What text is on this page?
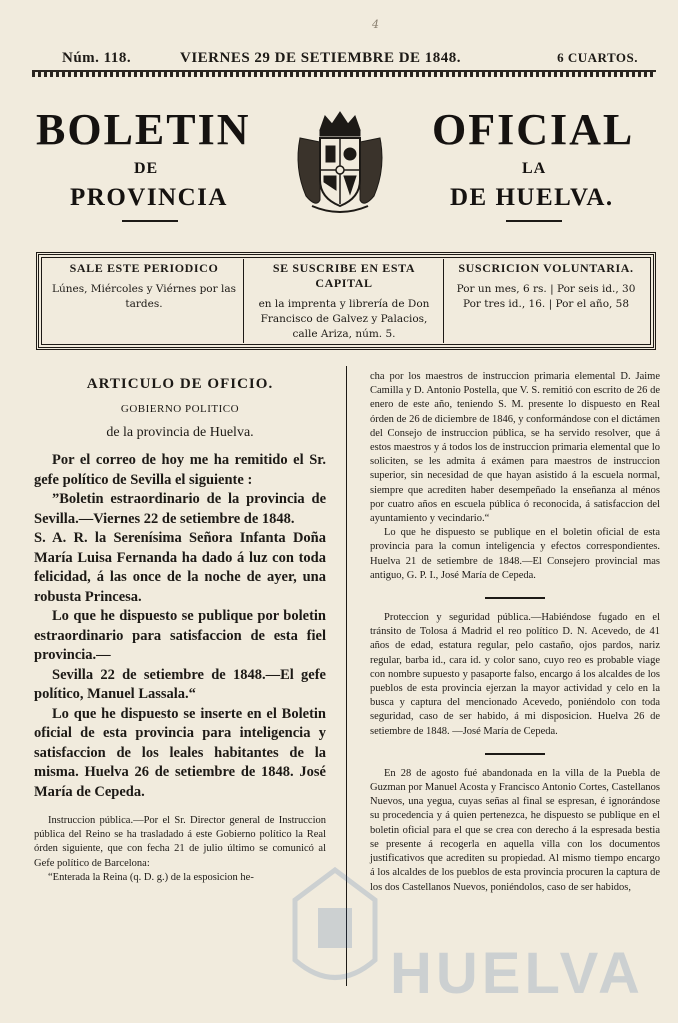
4
Núm. 118.	VIERNES 29 DE SETIEMBRE DE 1848.	6 CUARTOS.
BOLETIN
DE
PROVINCIA
OFICIAL
LA
DE HUELVA.
SALE ESTE PERIODICO
Lúnes, Miércoles y Viérnes por las tardes.
SE SUSCRIBE EN ESTA CAPITAL
en la imprenta y librería de Don Francisco de Galvez y Palacios, calle Ariza, núm. 5.
SUSCRICION VOLUNTARIA.
Por un mes, 6 rs. | Por seis id., 30
Por tres id., 16. | Por el año, 58
ARTICULO DE OFICIO.
GOBIERNO POLITICO
de la provincia de Huelva.

Por el correo de hoy me ha remitido el Sr. gefe político de Sevilla el siguiente :

”Boletin estraordinario de la provincia de Sevilla.—Viernes 22 de setiembre de 1848.

S. A. R. la Serenísima Señora Infanta Doña María Luisa Fernanda ha dado á luz con toda felicidad, á las once de la noche de ayer, una robusta Princesa.

Lo que he dispuesto se publique por boletin estraordinario para satisfaccion de esta fiel provincia.—

Sevilla 22 de setiembre de 1848.—El gefe político, Manuel Lassala.“

Lo que he dispuesto se inserte en el Boletin oficial de esta provincia para inteligencia y satisfaccion de los leales habitantes de la misma. Huelva 26 de setiembre de 1848. José María de Cepeda.

Instruccion pública.—Por el Sr. Director general de Instruccion pública del Reino se ha trasladado á este Gobierno político la Real órden siguiente, que con fecha 21 de julio último se comunicó al Gefe político de Barcelona:

“Enterada la Reina (q. D. g.) de la esposicion he-

cha por los maestros de instruccion primaria elemental D. Jaime Camilla y D. Antonio Postella, que V. S. remitió con escrito de 26 de enero de este año, teniendo S. M. presente lo dispuesto en Real órden de 26 de diciembre de 1846, y conformándose con el dictámen del Consejo de instruccion pública, se ha servido resolver, que á estos maestros y á todos los de instruccion primaria elemental que lo soliciten, se les admita á exámen para maestros de instruccion superior, sin necesidad de que hayan asistido á la escuela normal, siempre que acrediten haber desempeñado la enseñanza al ménos por cuatro años en escuela pública ó reconocida, á satisfaccion del ayuntamiento y vecindario.“

Lo que he dispuesto se publique en el boletin oficial de esta provincia para la comun inteligencia y efectos correspondientes. Huelva 21 de setiembre de 1848.—El Consejero provincial mas antiguo, G. P. I., José María de Cepeda.

Proteccion y seguridad pública.—Habiéndose fugado en el tránsito de Tolosa á Madrid el reo político D. N. Acevedo, de 41 años de edad, estatura regular, pelo castaño, ojos pardos, nariz regular, barba id., cara id. y color sano, cuyo reo es probable viage con nombre supuesto y pasaporte falso, encargo á los alcaldes de los pueblos de esta provincia ejerzan la mayor actividad y celo en la busca y captura del mencionado Acevedo, poniéndolo con toda seguridad, caso de ser habido, á mi disposicion. Huelva 26 de setiembre de 1848. —José María de Cepeda.

En 28 de agosto fué abandonada en la villa de la Puebla de Guzman por Manuel Acosta y Francisco Antonio Cortes, Castellanos Nuevos, una yegua, cuyas señas al final se espresan, é ignorándose su procedencia y á quien pertenezca, he dispuesto se publique en el boletin oficial para el que se crea con derecho á la espresada bestia se presente á recogerla en aquella villa con los documentos justificativos que acrediten su propiedad. Al mismo tiempo encargo á los alcaldes de los pueblos de esta provincia procuren la captura de los dos Castellanos Nuevos, poniéndolos, caso de ser habidos,

HUELVA
